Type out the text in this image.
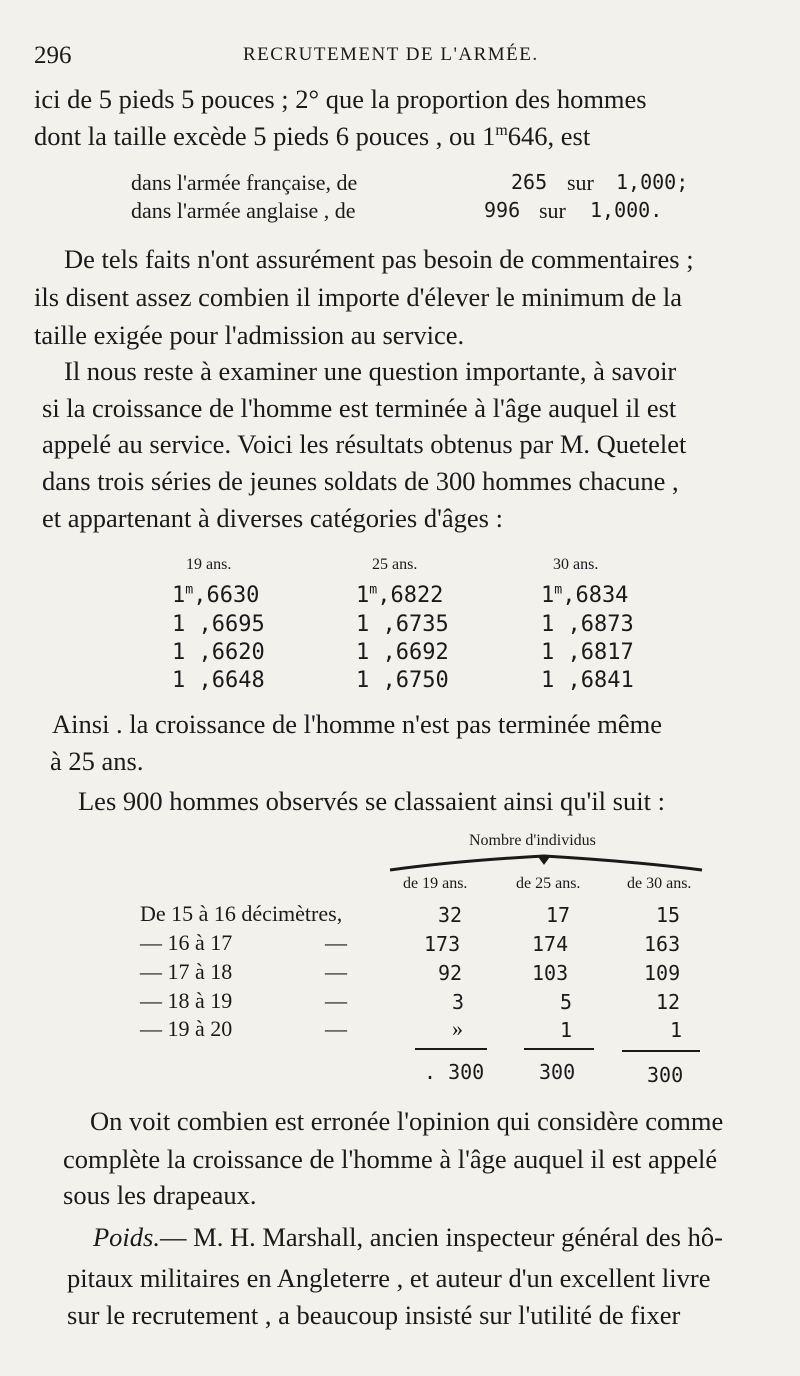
296	RECRUTEMENT DE L'ARMÉE.
ici de 5 pieds 5 pouces ; 2° que la proportion des hommes
dont la taille excède 5 pieds 6 pouces , ou 1$^m$646, est
dans l'armée française, de	265 sur 1,000;
dans l'armée anglaise , de	996 sur 1,000.
De tels faits n'ont assurément pas besoin de commentaires ;
ils disent assez combien il importe d'élever le minimum de la
taille exigée pour l'admission au service.
Il nous reste à examiner une question importante, à savoir
si la croissance de l'homme est terminée à l'âge auquel il est
appelé au service. Voici les résultats obtenus par M. Quetelet
dans trois séries de jeunes soldats de 300 hommes chacune ,
et appartenant à diverses catégories d'âges :
19 ans.	25 ans.	30 ans.
1$^m$,6630	1$^m$,6822	1$^m$,6834
1 ,6695	1 ,6735	1 ,6873
1 ,6620	1 ,6692	1 ,6817
1 ,6648	1 ,6750	1 ,6841
Ainsi . la croissance de l'homme n'est pas terminée même
à 25 ans.
Les 900 hommes observés se classaient ainsi qu'il suit :
Nombre d'individus
de 19 ans.	de 25 ans.	de 30 ans.
De 15 à 16 décimètres,	32	17	15
— 16 à 17	—	173	174	163
— 17 à 18	—	92	103	109
— 18 à 19	—	3	5	12
— 19 à 20	—	»	1	1
. 300	300	300
On voit combien est erronée l'opinion qui considère comme
complète la croissance de l'homme à l'âge auquel il est appelé
sous les drapeaux.
Poids.— M. H. Marshall, ancien inspecteur général des hô-
pitaux militaires en Angleterre , et auteur d'un excellent livre
sur le recrutement , a beaucoup insisté sur l'utilité de fixer
